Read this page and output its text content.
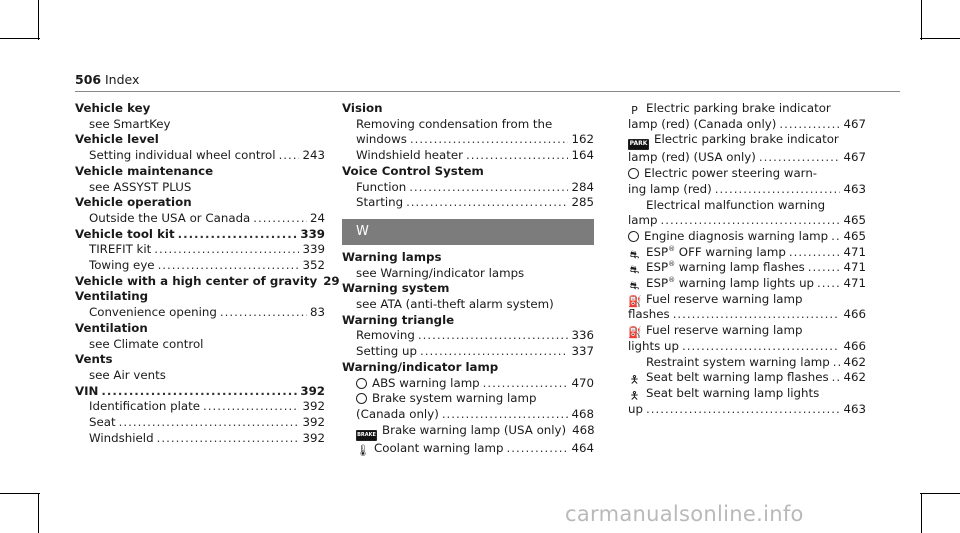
506 Index
Vehicle key
see SmartKey
Vehicle level
Setting individual wheel control ..... 243
Vehicle maintenance
see ASSYST PLUS
Vehicle operation
Outside the USA or Canada .....	24
Vehicle tool kit .....	339
TIREFIT kit .....	339
Towing eye .....	352
Vehicle with a high center of gravity 29
Ventilating
Convenience opening .....	83
Ventilation
see Climate control
Vents
see Air vents
VIN .....	392
Identification plate .....	392
Seat .....	392
Windshield .....	392
Vision
Removing condensation from the
windows .....	162
Windshield heater .....	164
Voice Control System
Function .....	284
Starting .....	285
W
Warning lamps
see Warning/indicator lamps
Warning system
see ATA (anti-theft alarm system)
Warning triangle
Removing .....	336
Setting up .....	337
Warning/indicator lamp
ABS warning lamp .....	470
Brake system warning lamp
(Canada only) .....	468
BRAKE Brake warning lamp (USA only) 468
🌡 Coolant warning lamp .....	464
P Electric parking brake indicator
lamp (red) (Canada only) .....	467
PARK Electric parking brake indicator
lamp (red) (USA only) .....	467
Electric power steering warn-
ing lamp (red) .....	463
Electrical malfunction warning
lamp .....	465
Engine diagnosis warning lamp ..... 465
⛐ ESP® OFF warning lamp .....	471
⛐ ESP® warning lamp flashes .....	471
⛐ ESP® warning lamp lights up ..... 471
⛽ Fuel reserve warning lamp
flashes .....	466
⛽ Fuel reserve warning lamp
lights up .....	466
Restraint system warning lamp ..... 462
🯅 Seat belt warning lamp flashes ..... 462
🯅 Seat belt warning lamp lights
up .....	463
carmanualsonline.info
